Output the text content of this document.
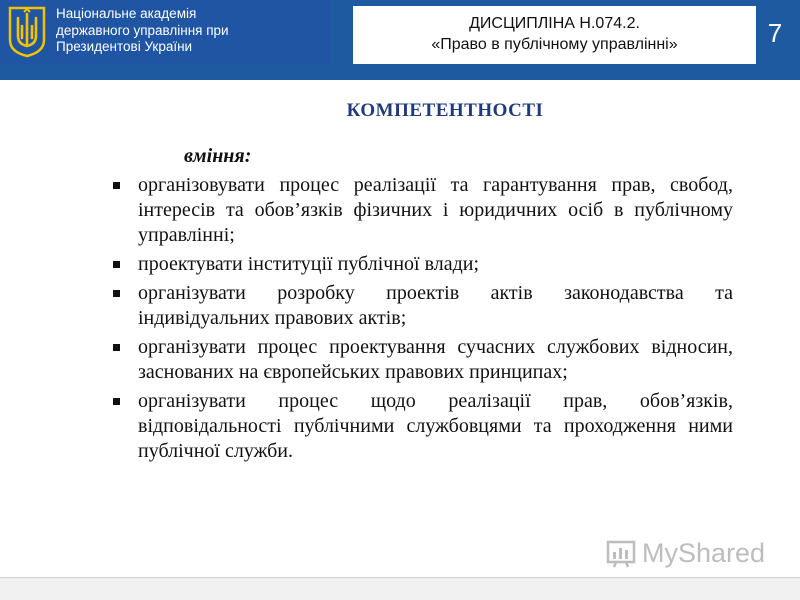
Національне академія
державного управління при
Президентові України
ДИСЦИПЛІНА Н.074.2.
«Право в публічному управлінні»	7
КОМПЕТЕНТНОСТІ
вміння:
організовувати процес реалізації та гарантування прав, свобод, інтересів та обов’язків фізичних і юридичних осіб в публічному управлінні;
проектувати інституції публічної влади;
організувати розробку проектів актів законодавства та індивідуальних правових актів;
організувати процес проектування сучасних службових відносин, заснованих на європейських правових принципах;
організувати процес щодо реалізації прав, обов’язків, відповідальності публічними службовцями та проходження ними публічної служби.
My Shared
